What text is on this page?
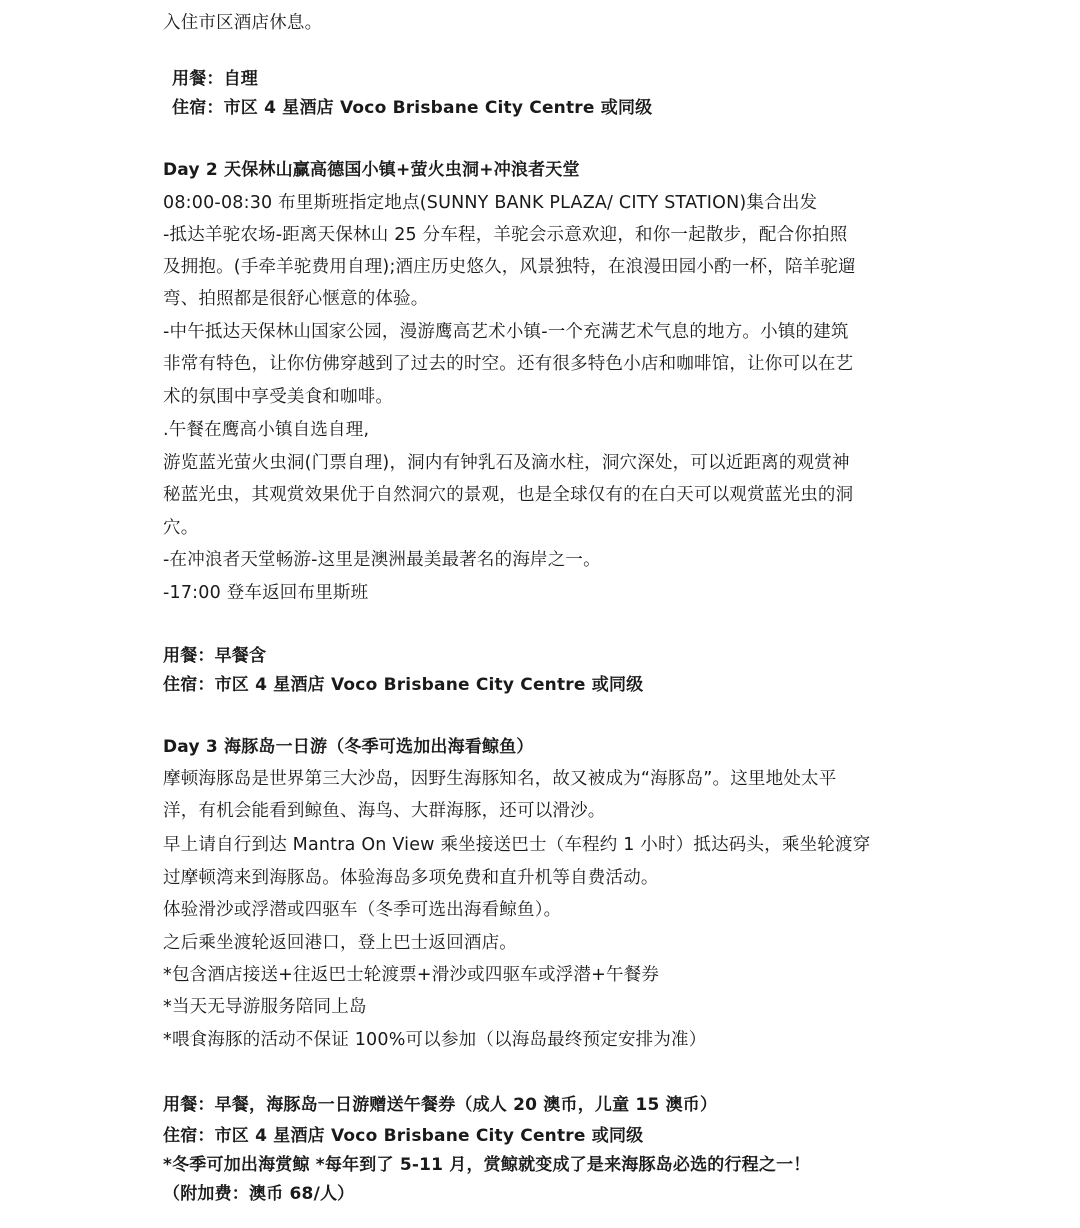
入住市区酒店休息。
用餐：自理
住宿：市区 4 星酒店 Voco Brisbane City Centre 或同级
Day 2 天保林山赢高德国小镇+萤火虫洞+冲浪者天堂
08:00-08:30 布里斯班指定地点(SUNNY BANK PLAZA/ CITY STATION)集合出发
-抵达羊驼农场-距离天保林山 25 分车程，羊驼会示意欢迎，和你一起散步，配合你拍照
及拥抱。(手牵羊驼费用自理);酒庄历史悠久，风景独特，在浪漫田园小酌一杯，陪羊驼遛
弯、拍照都是很舒心惬意的体验。
-中午抵达天保林山国家公园，漫游鹰高艺术小镇-一个充满艺术气息的地方。小镇的建筑
非常有特色，让你仿佛穿越到了过去的时空。还有很多特色小店和咖啡馆，让你可以在艺
术的氛围中享受美食和咖啡。
.午餐在鹰高小镇自选自理,
游览蓝光萤火虫洞(门票自理)，洞内有钟乳石及滴水柱，洞穴深处，可以近距离的观赏神
秘蓝光虫，其观赏效果优于自然洞穴的景观，也是全球仅有的在白天可以观赏蓝光虫的洞
穴。
-在冲浪者天堂畅游-这里是澳洲最美最著名的海岸之一。
-17:00 登车返回布里斯班
用餐：早餐含
住宿：市区 4 星酒店 Voco Brisbane City Centre 或同级
Day 3 海豚岛一日游（冬季可选加出海看鲸鱼）
摩顿海豚岛是世界第三大沙岛，因野生海豚知名，故又被成为“海豚岛”。这里地处太平
洋，有机会能看到鲸鱼、海鸟、大群海豚，还可以滑沙。
早上请自行到达 Mantra On View 乘坐接送巴士（车程约 1 小时）抵达码头，乘坐轮渡穿
过摩顿湾来到海豚岛。体验海岛多项免费和直升机等自费活动。
体验滑沙或浮潜或四驱车（冬季可选出海看鲸鱼）。
之后乘坐渡轮返回港口，登上巴士返回酒店。
*包含酒店接送+往返巴士轮渡票+滑沙或四驱车或浮潜+午餐券
*当天无导游服务陪同上岛
*喂食海豚的活动不保证 100%可以参加（以海岛最终预定安排为准）
用餐：早餐，海豚岛一日游赠送午餐券（成人 20 澳币，儿童 15 澳币）
住宿：市区 4 星酒店 Voco Brisbane City Centre 或同级
*冬季可加出海赏鲸 *每年到了 5-11 月，赏鲸就变成了是来海豚岛必选的行程之一！
（附加费：澳币 68/人）
